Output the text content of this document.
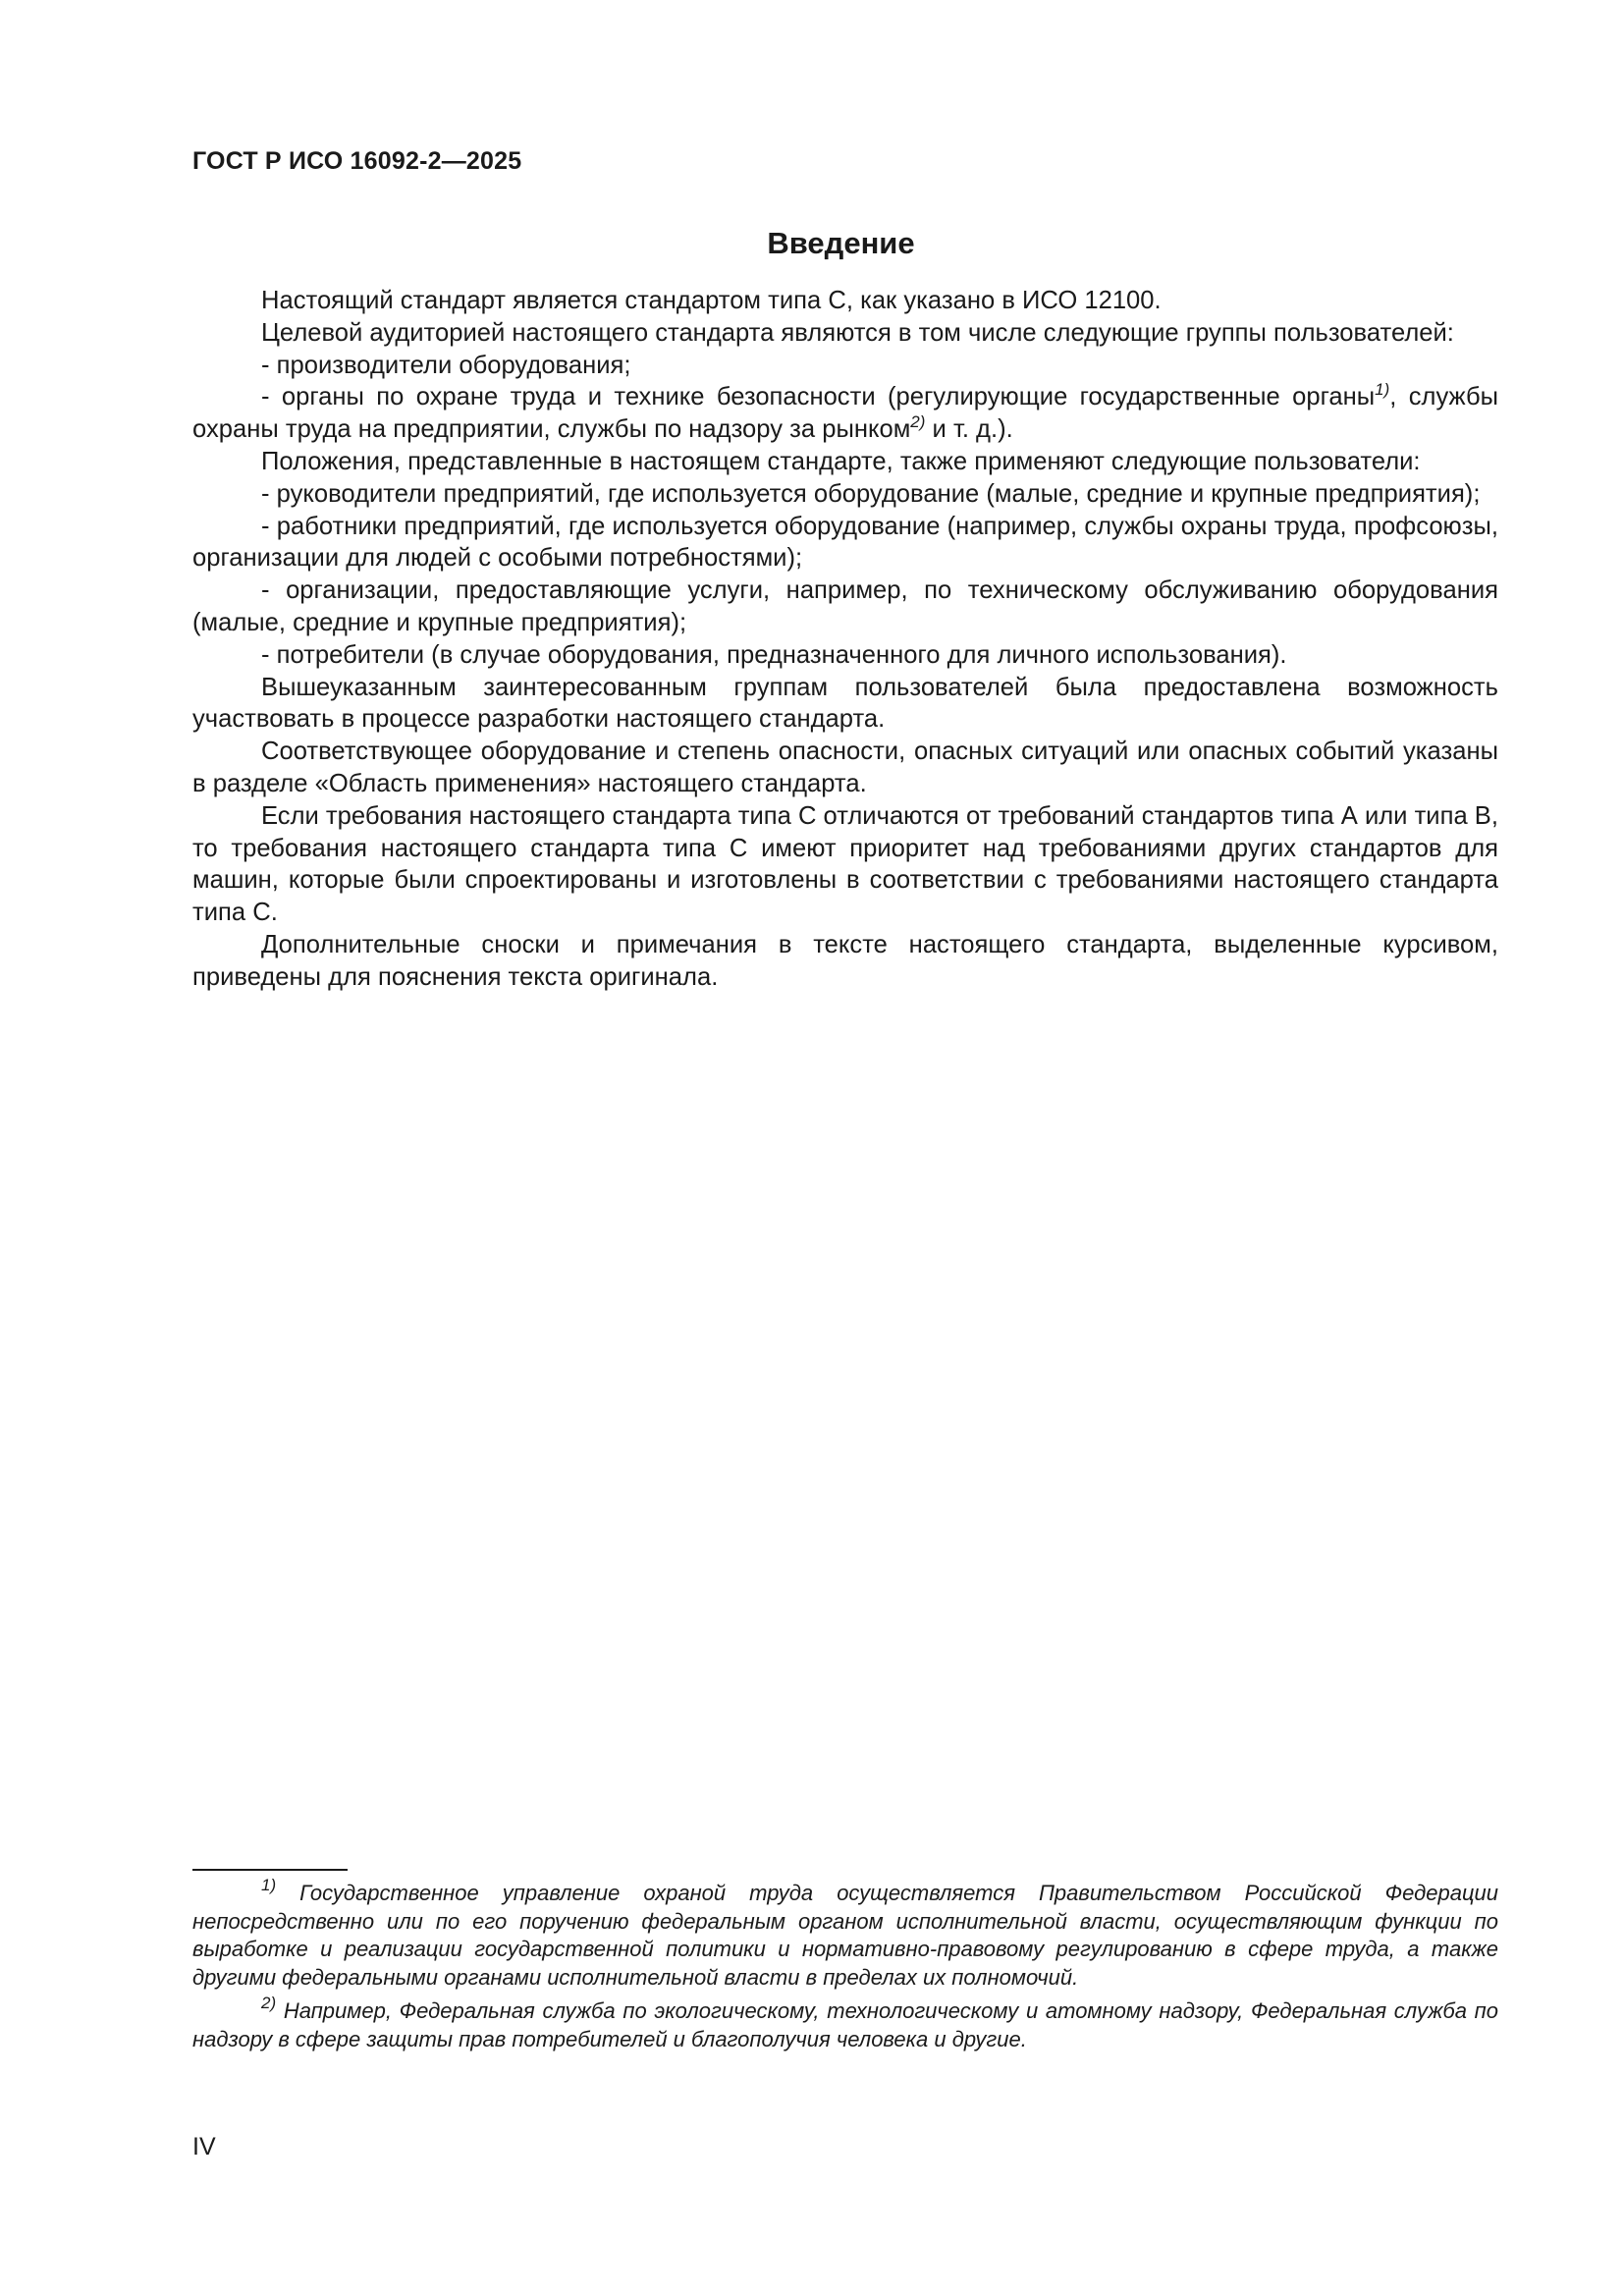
ГОСТ Р ИСО 16092-2—2025
Введение

Настоящий стандарт является стандартом типа С, как указано в ИСО 12100.

Целевой аудиторией настоящего стандарта являются в том числе следующие группы пользователей:

- производители оборудования;

- органы по охране труда и технике безопасности (регулирующие государственные органы$^{1)}$, службы охраны труда на предприятии, службы по надзору за рынком$^{2)}$ и т. д.).

Положения, представленные в настоящем стандарте, также применяют следующие пользователи:

- руководители предприятий, где используется оборудование (малые, средние и крупные предприятия);

- работники предприятий, где используется оборудование (например, службы охраны труда, профсоюзы, организации для людей с особыми потребностями);

- организации, предоставляющие услуги, например, по техническому обслуживанию оборудования (малые, средние и крупные предприятия);

- потребители (в случае оборудования, предназначенного для личного использования).

Вышеуказанным заинтересованным группам пользователей была предоставлена возможность участвовать в процессе разработки настоящего стандарта.

Соответствующее оборудование и степень опасности, опасных ситуаций или опасных событий указаны в разделе «Область применения» настоящего стандарта.

Если требования настоящего стандарта типа С отличаются от требований стандартов типа А или типа В, то требования настоящего стандарта типа С имеют приоритет над требованиями других стандартов для машин, которые были спроектированы и изготовлены в соответствии с требованиями настоящего стандарта типа С.

Дополнительные сноски и примечания в тексте настоящего стандарта, выделенные курсивом, приведены для пояснения текста оригинала.

$^{1)}$ Государственное управление охраной труда осуществляется Правительством Российской Федерации непосредственно или по его поручению федеральным органом исполнительной власти, осуществляющим функции по выработке и реализации государственной политики и нормативно-правовому регулированию в сфере труда, а также другими федеральными органами исполнительной власти в пределах их полномочий.

$^{2)}$ Например, Федеральная служба по экологическому, технологическому и атомному надзору, Федеральная служба по надзору в сфере защиты прав потребителей и благополучия человека и другие.

IV
